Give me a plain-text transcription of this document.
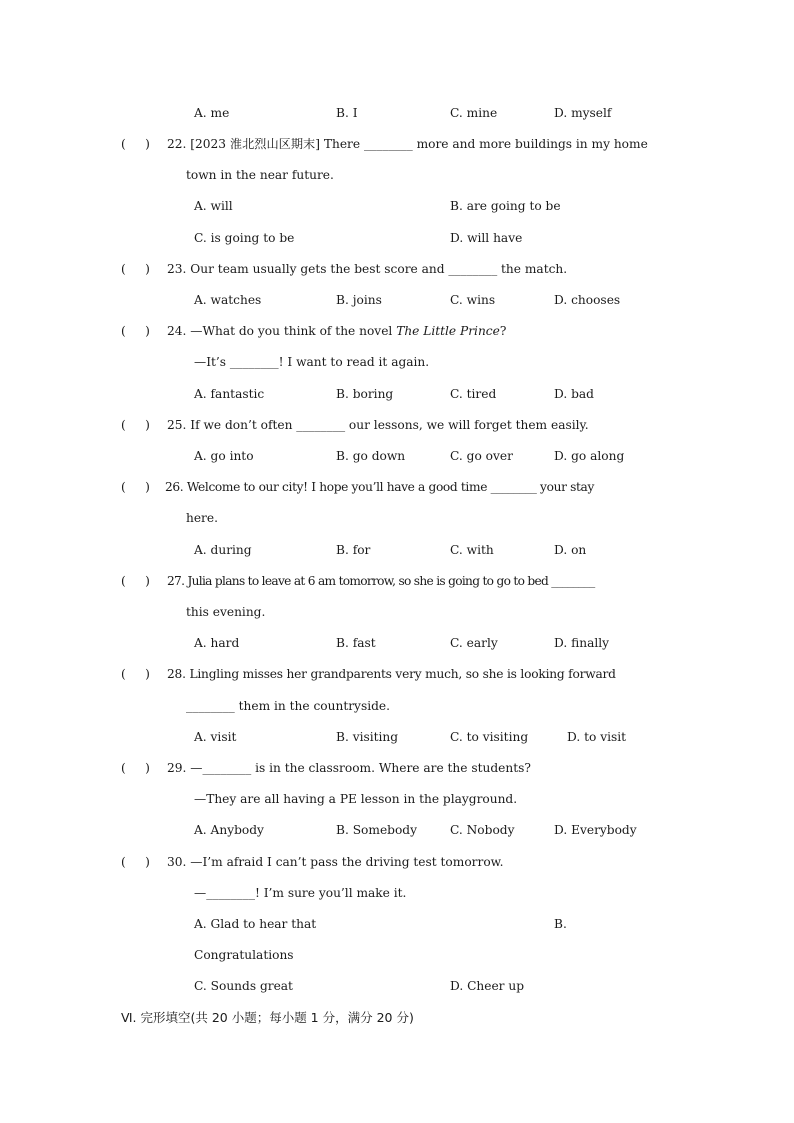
A. me	B. I	C. mine	D. myself
(     ) 22. [2023 淮北烈山区期末] There ________ more and more buildings in my home
town in the near future.
A. will	B. are going to be
C. is going to be	D. will have
(     ) 23. Our team usually gets the best score and ________ the match.
A. watches	B. joins	C. wins	D. chooses
(     ) 24. —What do you think of the novel The Little Prince?
—It’s ________! I want to read it again.
A. fantastic	B. boring	C. tired	D. bad
(     ) 25. If we don’t often ________ our lessons, we will forget them easily.
A. go into	B. go down	C. go over	D. go along
(     ) 26. Welcome to our city! I hope you’ll have a good time ________ your stay
here.
A. during	B. for	C. with	D. on
(     ) 27. Julia plans to leave at 6 am tomorrow, so she is going to go to bed ________
this evening.
A. hard	B. fast	C. early	D. finally
(     ) 28. Lingling misses her grandparents very much, so she is looking forward
________ them in the countryside.
A. visit	B. visiting	C. to visiting	D. to visit
(     ) 29. —________ is in the classroom. Where are the students?
—They are all having a PE lesson in the playground.
A. Anybody	B. Somebody	C. Nobody	D. Everybody
(     ) 30. —I’m afraid I can’t pass the driving test tomorrow.
—________! I’m sure you’ll make it.
A. Glad to hear that	B.
Congratulations
C. Sounds great	D. Cheer up
Ⅵ. 完形填空(共 20 小题；每小题 1 分，满分 20 分)
